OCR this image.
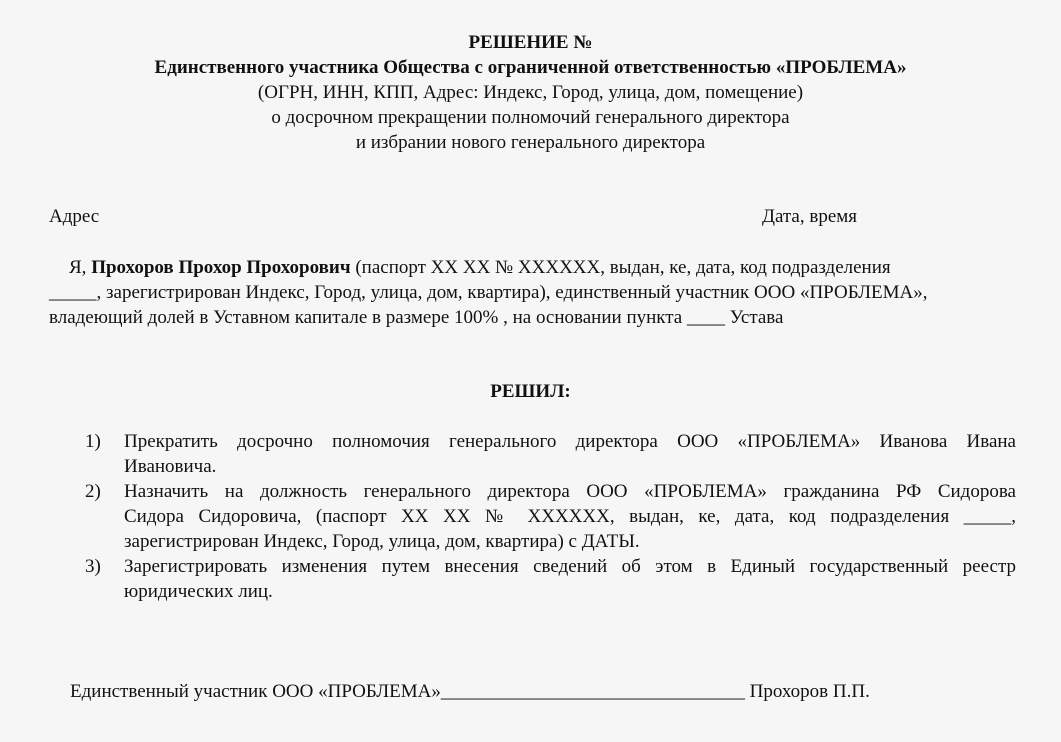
РЕШЕНИЕ №
Единственного участника Общества с ограниченной ответственностью «ПРОБЛЕМА»
(ОГРН, ИНН, КПП, Адрес: Индекс, Город, улица, дом, помещение)
о досрочном прекращении полномочий генерального директора
и избрании нового генерального директора
Адрес	Дата, время
Я, Прохоров Прохор Прохорович (паспорт ХХ ХХ № ХХХХХХ, выдан, ке, дата, код подразделения
_____, зарегистрирован Индекс, Город, улица, дом, квартира), единственный участник ООО «ПРОБЛЕМА»,
владеющий долей в Уставном капитале в размере 100% , на основании пункта ____ Устава
РЕШИЛ:
1)	Прекратить досрочно полномочия генерального директора ООО «ПРОБЛЕМА» Иванова Ивана
Ивановича.
2)	Назначить на должность генерального директора ООО «ПРОБЛЕМА» гражданина РФ Сидорова
Сидора Сидоровича, (паспорт ХХ ХХ № ХХХХХХ, выдан, ке, дата, код подразделения _____,
зарегистрирован Индекс, Город, улица, дом, квартира) с ДАТЫ.
3)	Зарегистрировать изменения путем внесения сведений об этом в Единый государственный реестр
юридических лиц.
Единственный участник ООО «ПРОБЛЕМА»________________________________ Прохоров П.П.
